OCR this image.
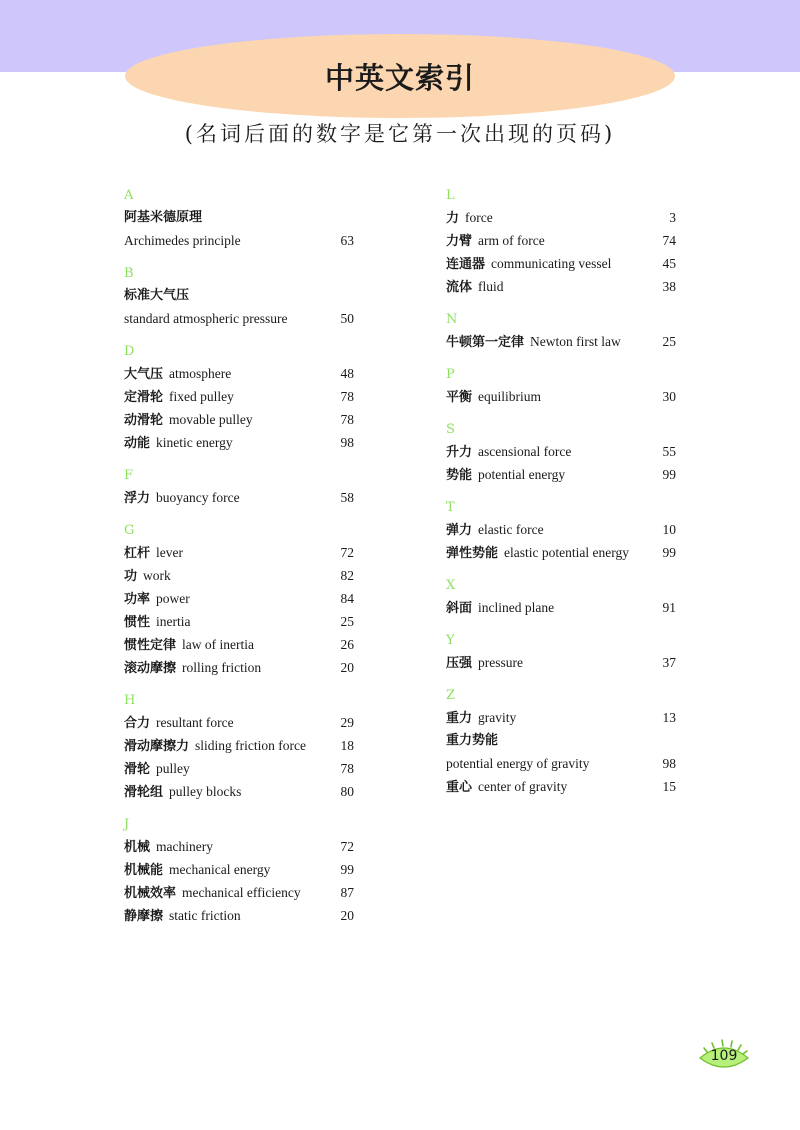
中英文索引
(名词后面的数字是它第一次出现的页码)
A
阿基米德原理
Archimedes principle	63
B
标准大气压
standard atmospheric pressure	50
D
大气压 atmosphere	48
定滑轮 fixed pulley	78
动滑轮 movable pulley	78
动能 kinetic energy	98
F
浮力 buoyancy force	58
G
杠杆 lever	72
功 work	82
功率 power	84
惯性 inertia	25
惯性定律 law of inertia	26
滚动摩擦 rolling friction	20
H
合力 resultant force	29
滑动摩擦力 sliding friction force	18
滑轮 pulley	78
滑轮组 pulley blocks	80
J
机械 machinery	72
机械能 mechanical energy	99
机械效率 mechanical efficiency	87
静摩擦 static friction	20
L
力 force	3
力臂 arm of force	74
连通器 communicating vessel	45
流体 fluid	38
N
牛顿第一定律 Newton first law	25
P
平衡 equilibrium	30
S
升力 ascensional force	55
势能 potential energy	99
T
弹力 elastic force	10
弹性势能 elastic potential energy 99
X
斜面 inclined plane	91
Y
压强 pressure	37
Z
重力 gravity	13
重力势能
potential energy of gravity	98
重心 center of gravity	15
109
